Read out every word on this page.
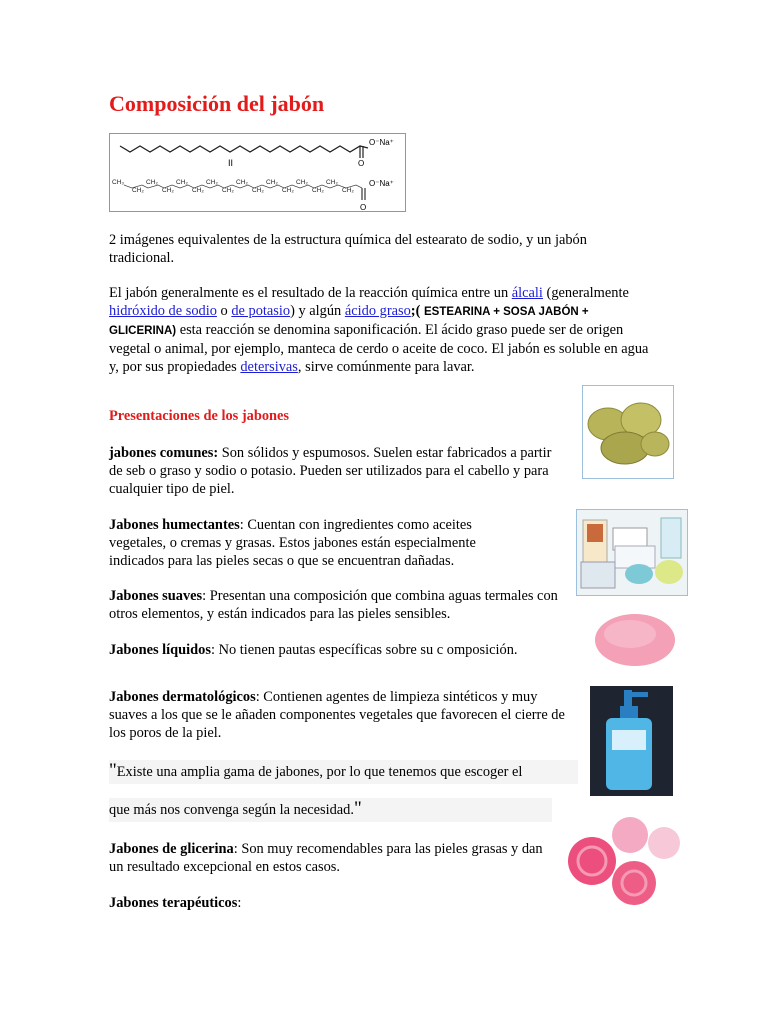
Composición del jabón
O
O⁻Na⁺
II
CH₃
CH₂
CH₂
CH₂
CH₂
CH₂
CH₂
CH₂
CH₂
CH₂
CH₂
CH₂
CH₂
CH₂
CH₂
CH₂
O
O⁻Na⁺
2 imágenes equivalentes de la estructura química del estearato de sodio, y un jabón tradicional.
El jabón generalmente es el resultado de la reacción química entre un álcali (generalmente hidróxido de sodio o de potasio) y algún ácido graso;( ESTEARINA + SOSA JABÓN + GLICERINA) esta reacción se denomina saponificación. El ácido graso puede ser de origen vegetal o animal, por ejemplo, manteca de cerdo o aceite de coco. El jabón es soluble en agua y, por sus propiedades detersivas, sirve comúnmente para lavar.
Presentaciones de los jabones
jabones comunes: Son sólidos y espumosos. Suelen estar fabricados a partir de seb o graso y sodio o potasio. Pueden ser utilizados para el cabello y para cualquier tipo de piel.
Jabones humectantes: Cuentan con ingredientes como aceites vegetales, o cremas y grasas. Estos jabones están especialmente indicados para las pieles secas o que se encuentran dañadas.
Jabones suaves: Presentan una composición que combina aguas termales con otros elementos, y están indicados para las pieles sensibles.
Jabones líquidos: No tienen pautas específicas sobre su c omposición.
Jabones dermatológicos: Contienen agentes de limpieza sintéticos y muy suaves a los que se le añaden componentes vegetales que favorecen el cierre de los poros de la piel.
"Existe una amplia gama de jabones, por lo que tenemos que escoger el
que más nos convenga según la necesidad."
Jabones de glicerina: Son muy recomendables para las pieles grasas y dan un resultado excepcional en estos casos.
Jabones terapéuticos:
